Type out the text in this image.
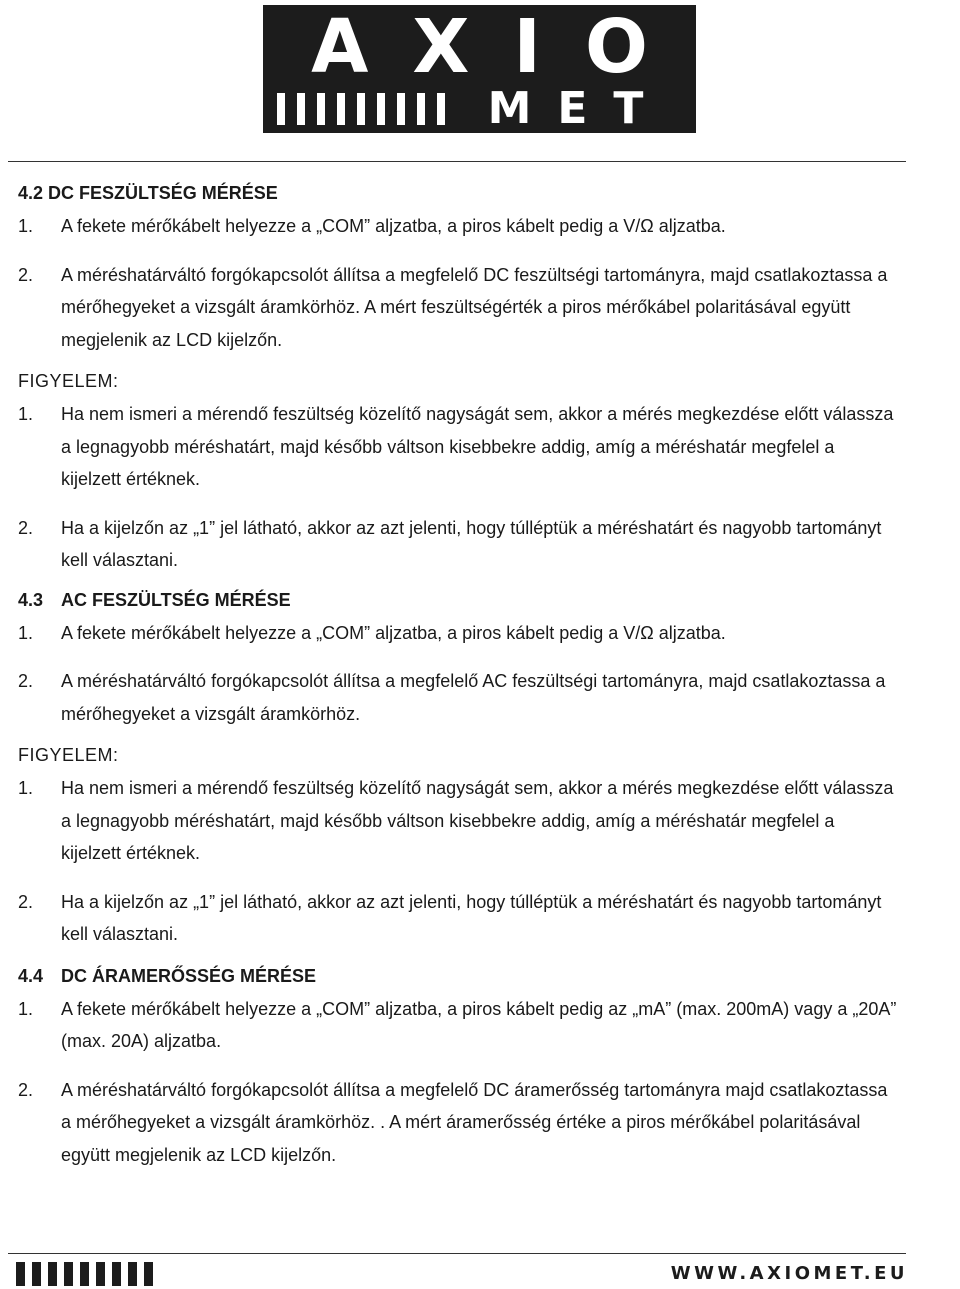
AXIO
MET

4.2 DC FESZÜLTSÉG MÉRÉSE

1.	A fekete mérőkábelt helyezze a „COM” aljzatba, a piros kábelt pedig a V/Ω aljzatba.
2.	A méréshatárváltó forgókapcsolót állítsa a megfelelő DC feszültségi tartományra, majd csatlakoztassa a mérőhegyeket a vizsgált áramkörhöz. A mért feszültségérték a piros mérőkábel polaritásával együtt megjelenik az LCD kijelzőn.

FIGYELEM:

1.	Ha nem ismeri a mérendő feszültség közelítő nagyságát sem, akkor a mérés megkezdése előtt válassza a legnagyobb méréshatárt, majd később váltson kisebbekre addig, amíg a méréshatár megfelel a kijelzett értéknek.
2.	Ha a kijelzőn az „1” jel látható, akkor az azt jelenti, hogy túlléptük a méréshatárt és nagyobb tartományt kell választani.

4.3 AC FESZÜLTSÉG MÉRÉSE

1.	A fekete mérőkábelt helyezze a „COM” aljzatba, a piros kábelt pedig a V/Ω aljzatba.
2.	A méréshatárváltó forgókapcsolót állítsa a megfelelő AC feszültségi tartományra, majd csatlakoztassa a mérőhegyeket a vizsgált áramkörhöz.

FIGYELEM:

1.	Ha nem ismeri a mérendő feszültség közelítő nagyságát sem, akkor a mérés megkezdése előtt válassza a legnagyobb méréshatárt, majd később váltson kisebbekre addig, amíg a méréshatár megfelel a kijelzett értéknek.
2.	Ha a kijelzőn az „1” jel látható, akkor az azt jelenti, hogy túlléptük a méréshatárt és nagyobb tartományt kell választani.

4.4 DC ÁRAMERŐSSÉG MÉRÉSE

1.	A fekete mérőkábelt helyezze a „COM” aljzatba, a piros kábelt pedig az „mA” (max. 200mA) vagy a „20A” (max. 20A) aljzatba.
2.	A méréshatárváltó forgókapcsolót állítsa a megfelelő DC áramerősség tartományra majd csatlakoztassa a mérőhegyeket a vizsgált áramkörhöz. . A mért áramerősség értéke a piros mérőkábel polaritásával együtt megjelenik az LCD kijelzőn.
WWW.AXIOMET.EU
